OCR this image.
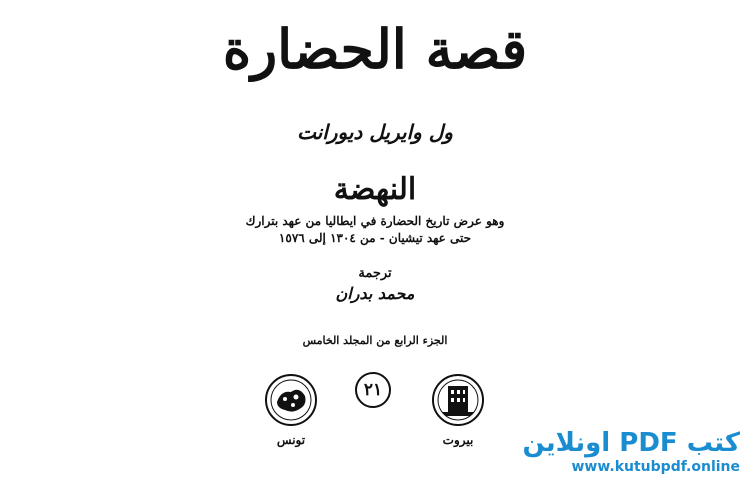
قصة الحضارة
ول وايريل ديورانت
النهضة
وهو عرض تاريخ الحضارة في ايطاليا من عهد بترارك
حتى عهد تيشيان - من ١٣٠٤ إلى ١٥٧٦
ترجمة
محمد بدران
الجزء الرابع من المجلد الخامس
تونس
٢١
بيروت	كتب PDF اونلاين
www.kutubpdf.online
